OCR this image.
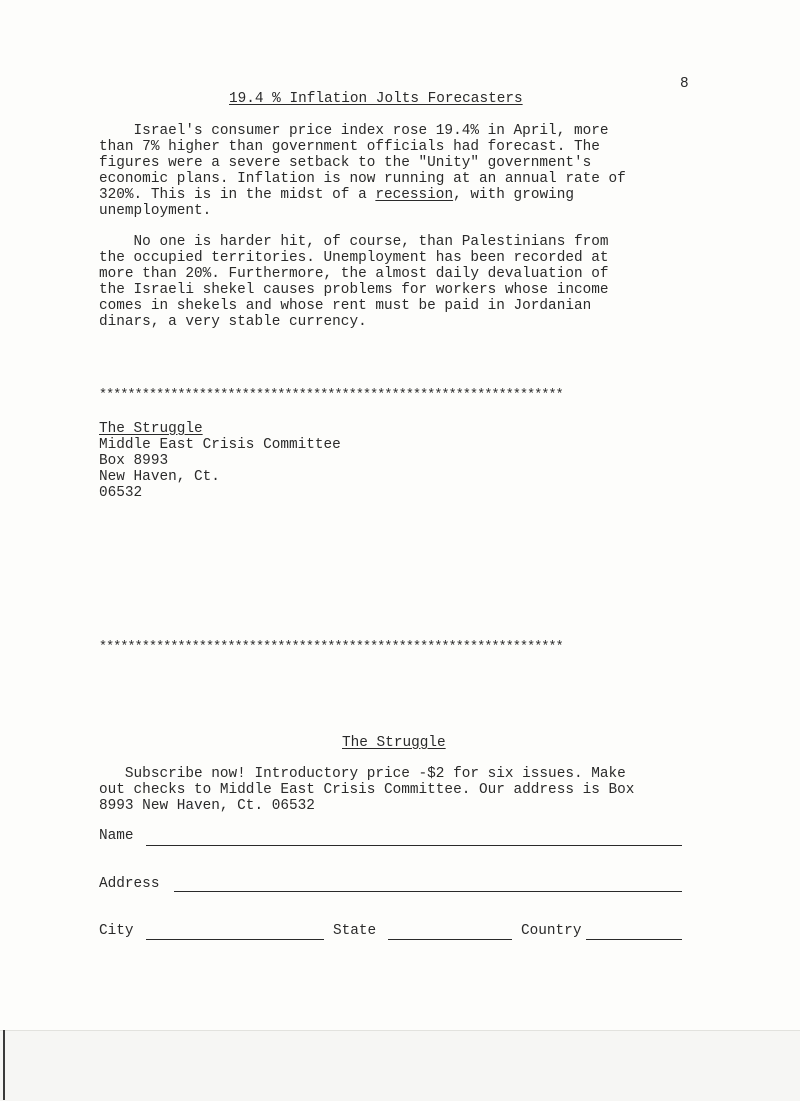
8
19.4 % Inflation Jolts Forecasters
Israel's consumer price index rose 19.4% in April, more
than 7% higher than government officials had forecast. The
figures were a severe setback to the "Unity" government's
economic plans. Inflation is now running at an annual rate of
320%. This is in the midst of a recession, with growing
unemployment.
No one is harder hit, of course, than Palestinians from
the occupied territories. Unemployment has been recorded at
more than 20%. Furthermore, the almost daily devaluation of
the Israeli shekel causes problems for workers whose income
comes in shekels and whose rent must be paid in Jordanian
dinars, a very stable currency.
*****************************************************************
The Struggle
Middle East Crisis Committee
Box 8993
New Haven, Ct.
06532
*****************************************************************
The Struggle
Subscribe now! Introductory price -$2 for six issues. Make
out checks to Middle East Crisis Committee. Our address is Box
8993 New Haven, Ct. 06532
Name
Address
City	State	Country
